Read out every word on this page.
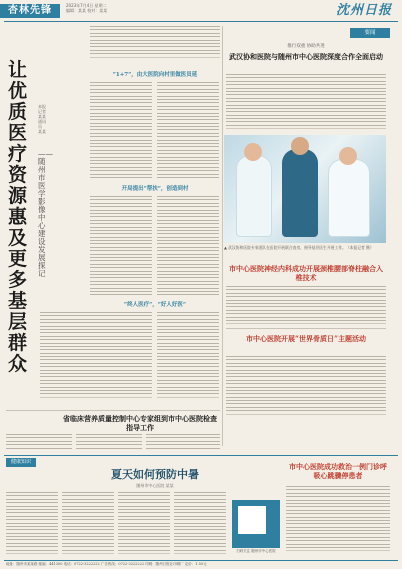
杏林先锋	2023年7月4日 星期二
编辑：某某 校对：某某	沈州日报
让优质医疗资源惠及更多基层群众
本报记者 某某 通讯员 某某
——随州市医学影像中心建设发展探记
“1+7”，由大医院向村里做医员延
开局提出“帮扶”，创造到村
“终人医疗”，“好人好医”
要闻
推行双重 协助共进
武汉协和医院与随州市中心医院深度合作全面启动
▲ 武汉协和医院专家团队在医院开展联合查房，指导基层医生开展工作。（本报记者 摄）
市中心医院神经内科成功开展颈椎腰部脊柱融合入椎技术
市中心医院开展“世界骨质日”主题活动
省临床营养质量控制中心专家组到市中心医院检查指导工作
健康知识
夏天如何预防中暑
随州市中心医院 某某
扫码关注 随州市中心医院
市中心医院成功救治一例门诊呼吸心跳骤停患者
地址：随州市某某路 邮编：441300 电话：0722-3222222 广告热线：0722-3222222 印刷：随州日报社印刷厂 定价：1.50元
